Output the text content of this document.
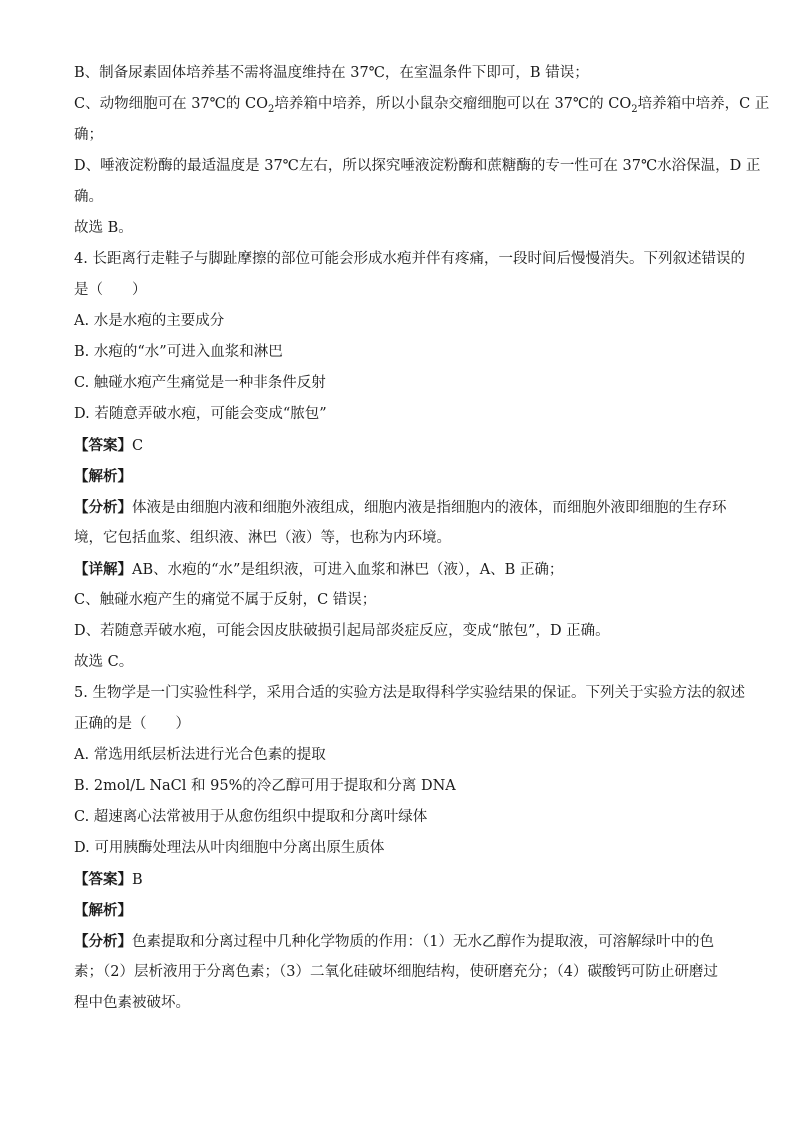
B、制备尿素固体培养基不需将温度维持在 37℃，在室温条件下即可，B 错误；
C、动物细胞可在 37℃的 $CO_2$培养箱中培养，所以小鼠杂交瘤细胞可以在 37℃的 $CO_2$培养箱中培养，C 正
确；
D、唾液淀粉酶的最适温度是 37℃左右，所以探究唾液淀粉酶和蔗糖酶的专一性可在 37℃水浴保温，D 正
确。
故选 B。
4. 长距离行走鞋子与脚趾摩擦的部位可能会形成水疱并伴有疼痛，一段时间后慢慢消失。下列叙述错误的
是（　　）
A. 水是水疱的主要成分
B. 水疱的“水”可进入血浆和淋巴
C. 触碰水疱产生痛觉是一种非条件反射
D. 若随意弄破水疱，可能会变成“脓包”
【答案】C
【解析】
【分析】体液是由细胞内液和细胞外液组成，细胞内液是指细胞内的液体，而细胞外液即细胞的生存环
境，它包括血浆、组织液、淋巴（液）等，也称为内环境。
【详解】AB、水疱的“水”是组织液，可进入血浆和淋巴（液），A、B 正确；
C、触碰水疱产生的痛觉不属于反射，C 错误；
D、若随意弄破水疱，可能会因皮肤破损引起局部炎症反应，变成“脓包”，D 正确。
故选 C。
5. 生物学是一门实验性科学，采用合适的实验方法是取得科学实验结果的保证。下列关于实验方法的叙述
正确的是（　　）
A. 常选用纸层析法进行光合色素的提取
B. 2mol/L NaCl 和 95%的冷乙醇可用于提取和分离 DNA
C. 超速离心法常被用于从愈伤组织中提取和分离叶绿体
D. 可用胰酶处理法从叶肉细胞中分离出原生质体
【答案】B
【解析】
【分析】色素提取和分离过程中几种化学物质的作用：（1）无水乙醇作为提取液，可溶解绿叶中的色
素；（2）层析液用于分离色素；（3）二氧化硅破坏细胞结构，使研磨充分；（4）碳酸钙可防止研磨过
程中色素被破坏。
